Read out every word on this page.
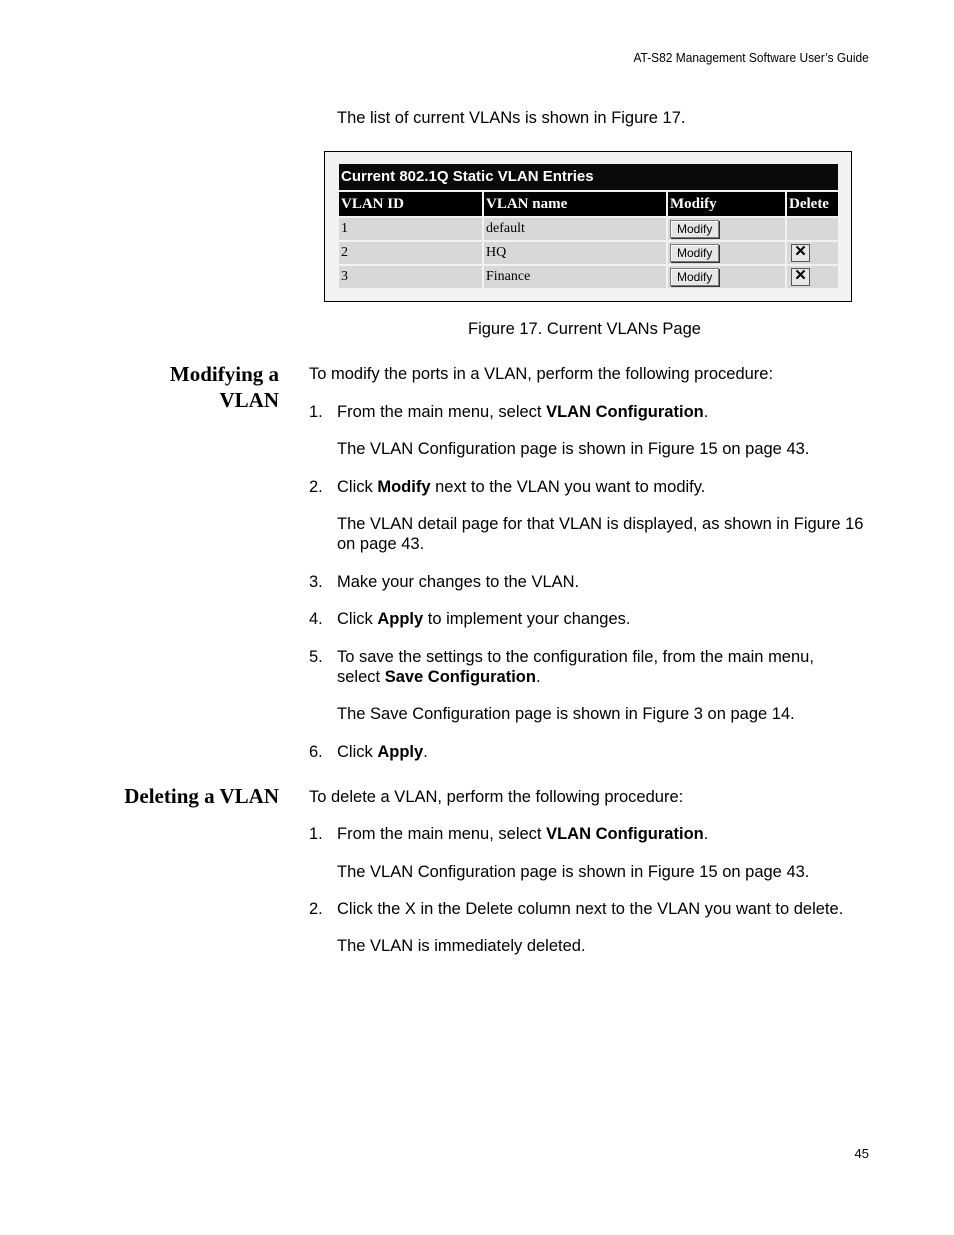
AT-S82 Management Software User’s Guide
The list of current VLANs is shown in Figure 17.
Current 802.1Q Static VLAN Entries
VLAN ID	VLAN name	Modify	Delete
1	default	Modify	
2	HQ	Modify	✕
3	Finance	Modify	✕
Figure 17. Current VLANs Page
Modifying a
VLAN
To modify the ports in a VLAN, perform the following procedure:
1. From the main menu, select VLAN Configuration.
The VLAN Configuration page is shown in Figure 15 on page 43.
2. Click Modify next to the VLAN you want to modify.
The VLAN detail page for that VLAN is displayed, as shown in Figure 16 on page 43.
3. Make your changes to the VLAN.
4. Click Apply to implement your changes.
5. To save the settings to the configuration file, from the main menu, select Save Configuration.
The Save Configuration page is shown in Figure 3 on page 14.
6. Click Apply.
Deleting a VLAN To delete a VLAN, perform the following procedure:
1. From the main menu, select VLAN Configuration.
The VLAN Configuration page is shown in Figure 15 on page 43.
2. Click the X in the Delete column next to the VLAN you want to delete.
The VLAN is immediately deleted.
45
